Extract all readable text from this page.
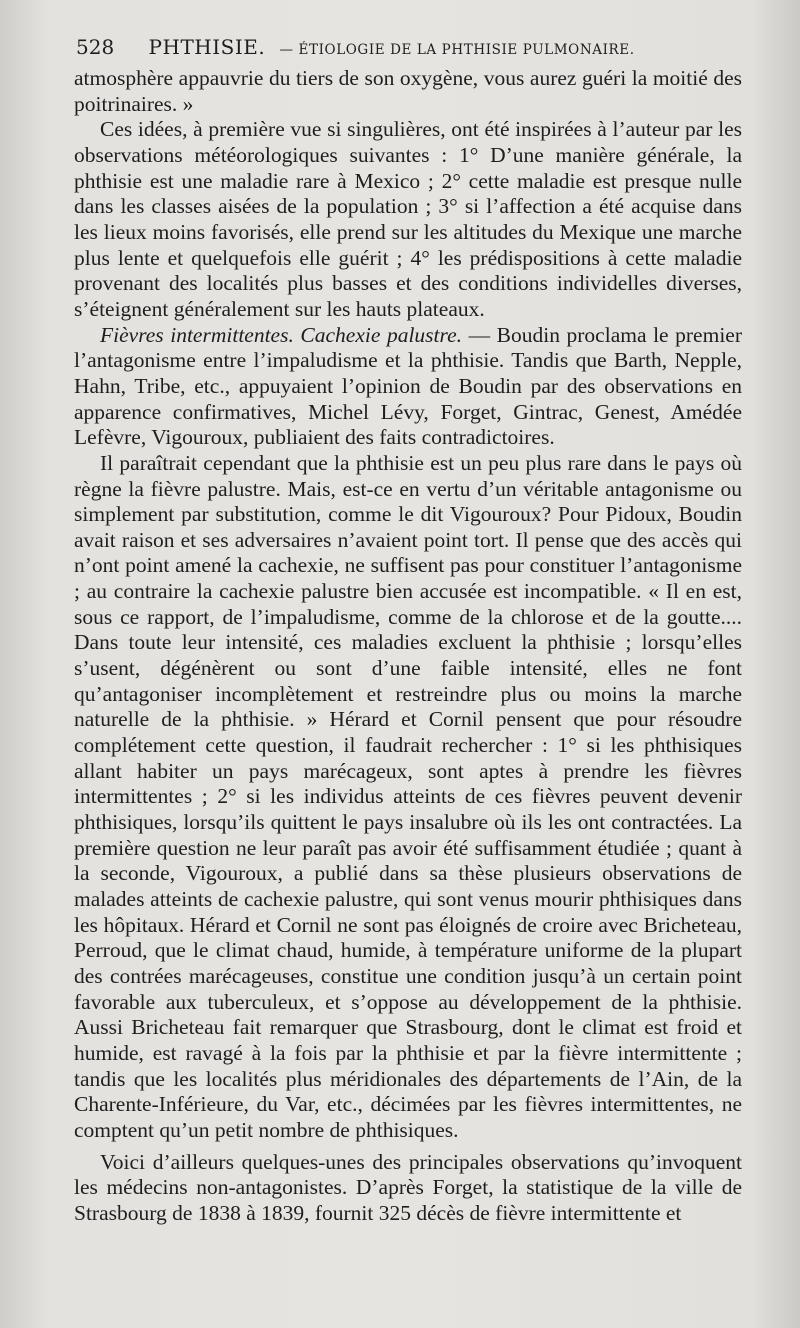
528 PHTHISIE. — ÉTIOLOGIE DE LA PHTHISIE PULMONAIRE.

atmosphère appauvrie du tiers de son oxygène, vous aurez guéri la moitié des poitrinaires. »

Ces idées, à première vue si singulières, ont été inspirées à l’auteur par les observations météorologiques suivantes : 1° D’une manière générale, la phthisie est une maladie rare à Mexico ; 2° cette maladie est presque nulle dans les classes aisées de la population ; 3° si l’affection a été acquise dans les lieux moins favorisés, elle prend sur les altitudes du Mexique une marche plus lente et quelquefois elle guérit ; 4° les prédispositions à cette maladie provenant des localités plus basses et des conditions individelles diverses, s’éteignent généralement sur les hauts plateaux.

Fièvres intermittentes. Cachexie palustre. — Boudin proclama le premier l’antagonisme entre l’impaludisme et la phthisie. Tandis que Barth, Nepple, Hahn, Tribe, etc., appuyaient l’opinion de Boudin par des observations en apparence confirmatives, Michel Lévy, Forget, Gintrac, Genest, Amédée Lefèvre, Vigouroux, publiaient des faits contradictoires.

Il paraîtrait cependant que la phthisie est un peu plus rare dans le pays où règne la fièvre palustre. Mais, est-ce en vertu d’un véritable antagonisme ou simplement par substitution, comme le dit Vigouroux? Pour Pidoux, Boudin avait raison et ses adversaires n’avaient point tort. Il pense que des accès qui n’ont point amené la cachexie, ne suffisent pas pour constituer l’antagonisme ; au contraire la cachexie palustre bien accusée est incompatible. « Il en est, sous ce rapport, de l’impaludisme, comme de la chlorose et de la goutte.... Dans toute leur intensité, ces maladies excluent la phthisie ; lorsqu’elles s’usent, dégénèrent ou sont d’une faible intensité, elles ne font qu’antagoniser incomplètement et restreindre plus ou moins la marche naturelle de la phthisie. » Hérard et Cornil pensent que pour résoudre complétement cette question, il faudrait rechercher : 1° si les phthisiques allant habiter un pays marécageux, sont aptes à prendre les fièvres intermittentes ; 2° si les individus atteints de ces fièvres peuvent devenir phthisiques, lorsqu’ils quittent le pays insalubre où ils les ont contractées. La première question ne leur paraît pas avoir été suffisamment étudiée ; quant à la seconde, Vigouroux, a publié dans sa thèse plusieurs observations de malades atteints de cachexie palustre, qui sont venus mourir phthisiques dans les hôpitaux. Hérard et Cornil ne sont pas éloignés de croire avec Bricheteau, Perroud, que le climat chaud, humide, à température uniforme de la plupart des contrées marécageuses, constitue une condition jusqu’à un certain point favorable aux tuberculeux, et s’oppose au développement de la phthisie. Aussi Bricheteau fait remarquer que Strasbourg, dont le climat est froid et humide, est ravagé à la fois par la phthisie et par la fièvre intermittente ; tandis que les localités plus méridionales des départements de l’Ain, de la Charente-Inférieure, du Var, etc., décimées par les fièvres intermittentes, ne comptent qu’un petit nombre de phthisiques.

Voici d’ailleurs quelques-unes des principales observations qu’invoquent les médecins non-antagonistes. D’après Forget, la statistique de la ville de Strasbourg de 1838 à 1839, fournit 325 décès de fièvre intermittente et
